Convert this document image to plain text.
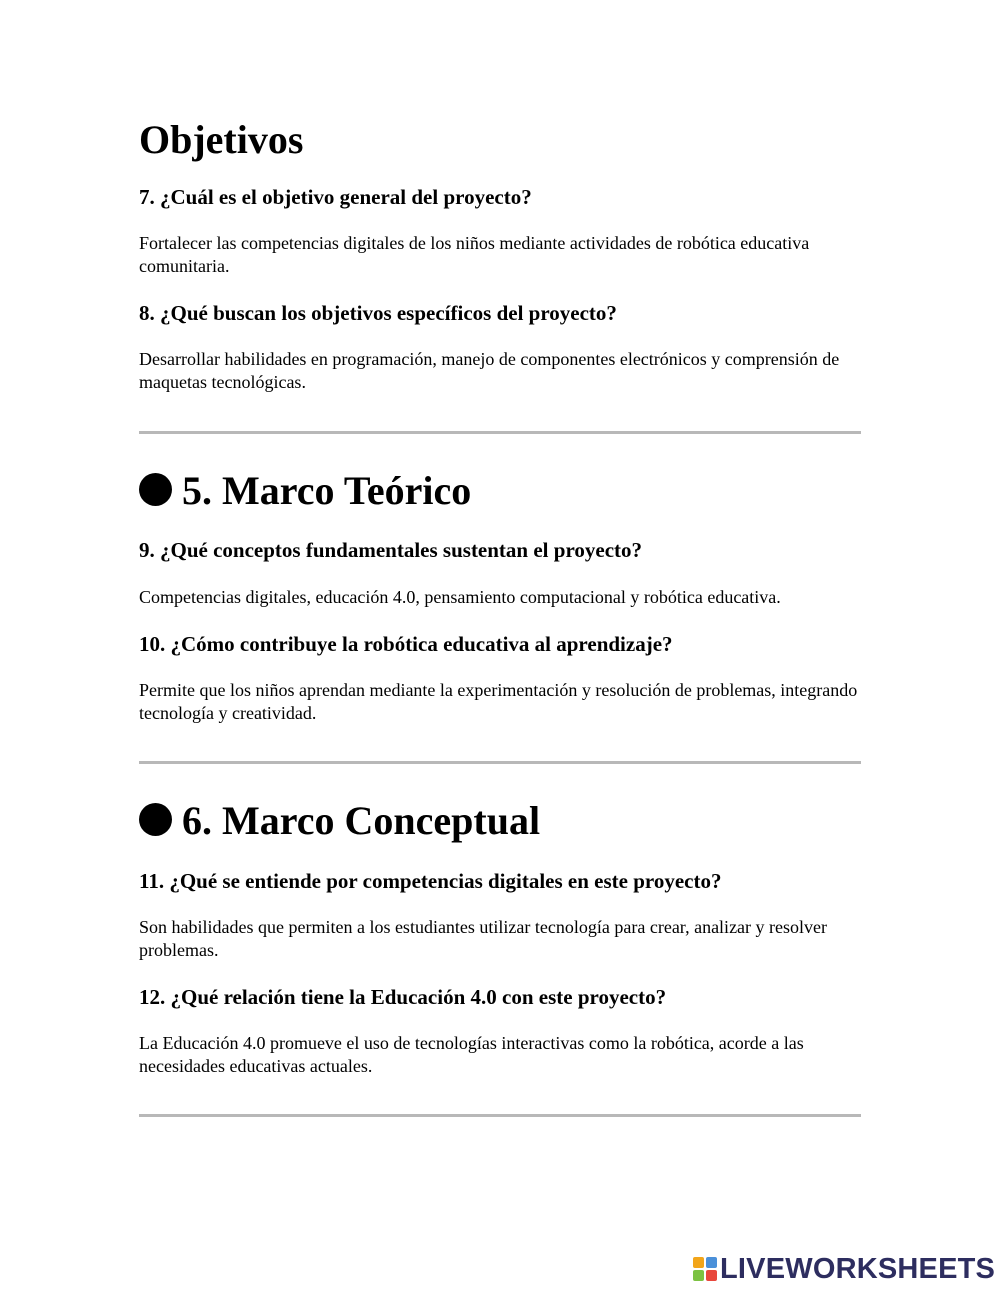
Objetivos
7. ¿Cuál es el objetivo general del proyecto?

Fortalecer las competencias digitales de los niños mediante actividades de robótica educativa comunitaria.

8. ¿Qué buscan los objetivos específicos del proyecto?

Desarrollar habilidades en programación, manejo de componentes electrónicos y comprensión de maquetas tecnológicas.

5. Marco Teórico
9. ¿Qué conceptos fundamentales sustentan el proyecto?

Competencias digitales, educación 4.0, pensamiento computacional y robótica educativa.

10. ¿Cómo contribuye la robótica educativa al aprendizaje?

Permite que los niños aprendan mediante la experimentación y resolución de problemas, integrando tecnología y creatividad.

6. Marco Conceptual
11. ¿Qué se entiende por competencias digitales en este proyecto?

Son habilidades que permiten a los estudiantes utilizar tecnología para crear, analizar y resolver problemas.

12. ¿Qué relación tiene la Educación 4.0 con este proyecto?

La Educación 4.0 promueve el uso de tecnologías interactivas como la robótica, acorde a las necesidades educativas actuales.

LIVEWORKSHEETS
